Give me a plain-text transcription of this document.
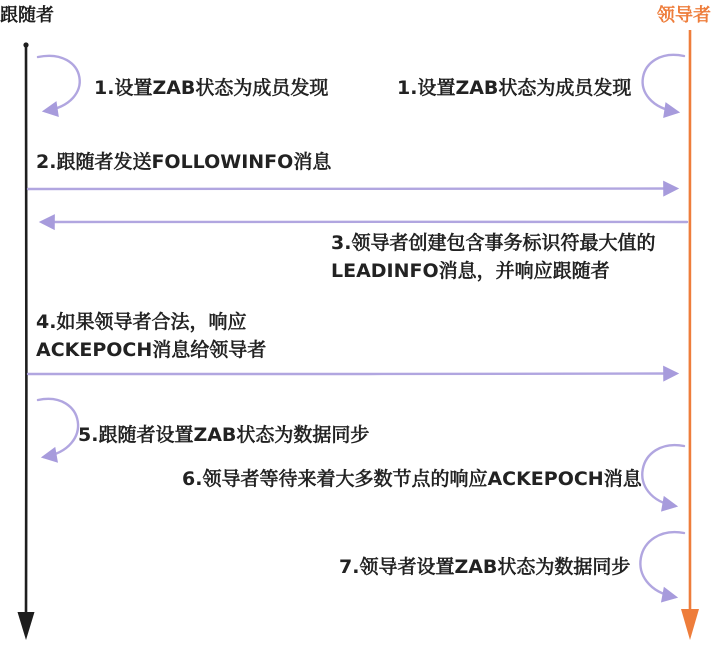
跟随者	领导者
1.设置ZAB状态为成员发现	1.设置ZAB状态为成员发现
2.跟随者发送FOLLOWINFO消息
3.领导者创建包含事务标识符最大值的
LEADINFO消息，并响应跟随者
4.如果领导者合法，响应
ACKEPOCH消息给领导者
5.跟随者设置ZAB状态为数据同步
6.领导者等待来着大多数节点的响应ACKEPOCH消息
7.领导者设置ZAB状态为数据同步
